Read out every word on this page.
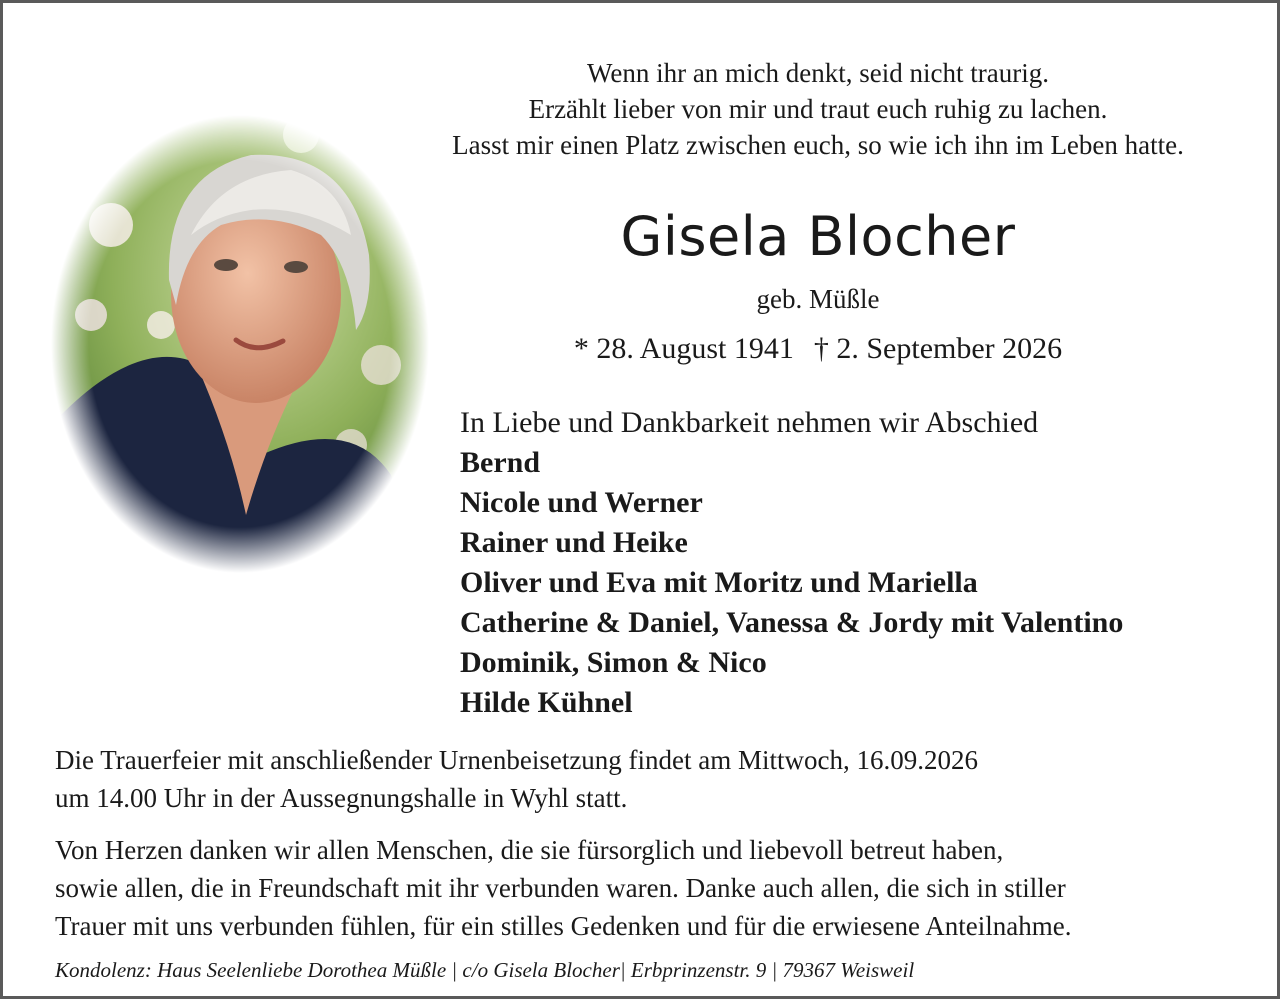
Wenn ihr an mich denkt, seid nicht traurig.
Erzählt lieber von mir und traut euch ruhig zu lachen.
Lasst mir einen Platz zwischen euch, so wie ich ihn im Leben hatte.
Gisela Blocher
geb. Müßle
* 28. August 1941 † 2. September 2026
In Liebe und Dankbarkeit nehmen wir Abschied
Bernd
Nicole und Werner
Rainer und Heike
Oliver und Eva mit Moritz und Mariella
Catherine & Daniel, Vanessa & Jordy mit Valentino
Dominik, Simon & Nico
Hilde Kühnel
Die Trauerfeier mit anschließender Urnenbeisetzung findet am Mittwoch, 16.09.2026
um 14.00 Uhr in der Aussegnungshalle in Wyhl statt.
Von Herzen danken wir allen Menschen, die sie fürsorglich und liebevoll betreut haben,
sowie allen, die in Freundschaft mit ihr verbunden waren. Danke auch allen, die sich in stiller
Trauer mit uns verbunden fühlen, für ein stilles Gedenken und für die erwiesene Anteilnahme.
Kondolenz: Haus Seelenliebe Dorothea Müßle | c/o Gisela Blocher| Erbprinzenstr. 9 | 79367 Weisweil
